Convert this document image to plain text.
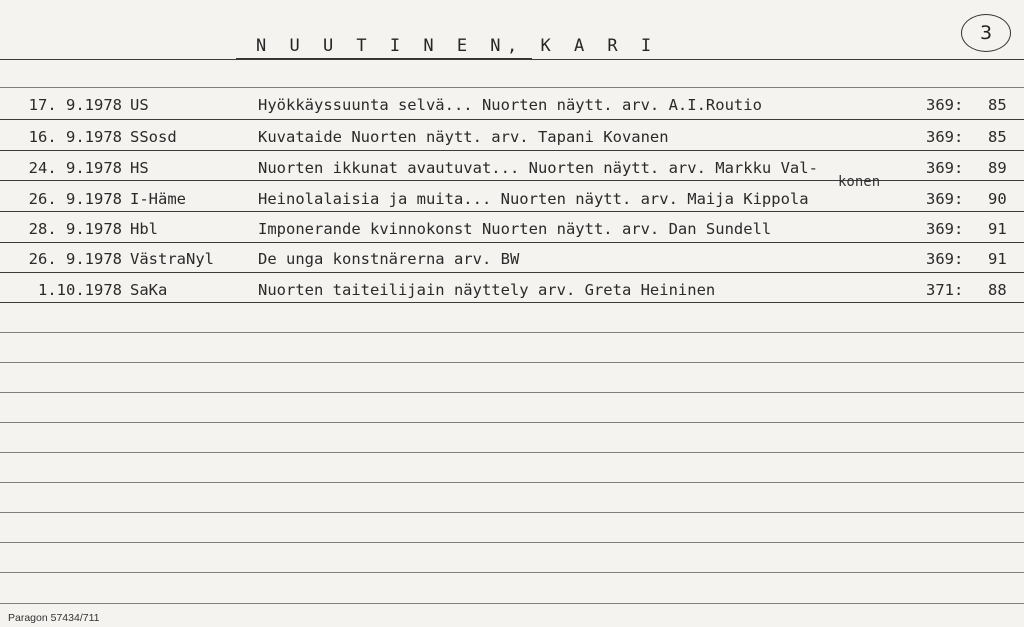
N U U T I N E N, K A R I
3
17. 9.1978 US	Hyökkäyssuunta selvä... Nuorten näytt. arv. A.I.Routio	369: 85
16. 9.1978 SSosd	Kuvataide Nuorten näytt. arv. Tapani Kovanen	369: 85
24. 9.1978 HS	Nuorten ikkunat avautuvat... Nuorten näytt. arv. Markku Val-	369: 89
konen
26. 9.1978 I-Häme	Heinolalaisia ja muita... Nuorten näytt. arv. Maija Kippola	369: 90
28. 9.1978 Hbl	Imponerande kvinnokonst Nuorten näytt. arv. Dan Sundell	369: 91
26. 9.1978 VästraNyl	De unga konstnärerna arv. BW	369: 91
1.10.1978 SaKa	Nuorten taiteilijain näyttely arv. Greta Heininen	371: 88
Paragon 57434/711
